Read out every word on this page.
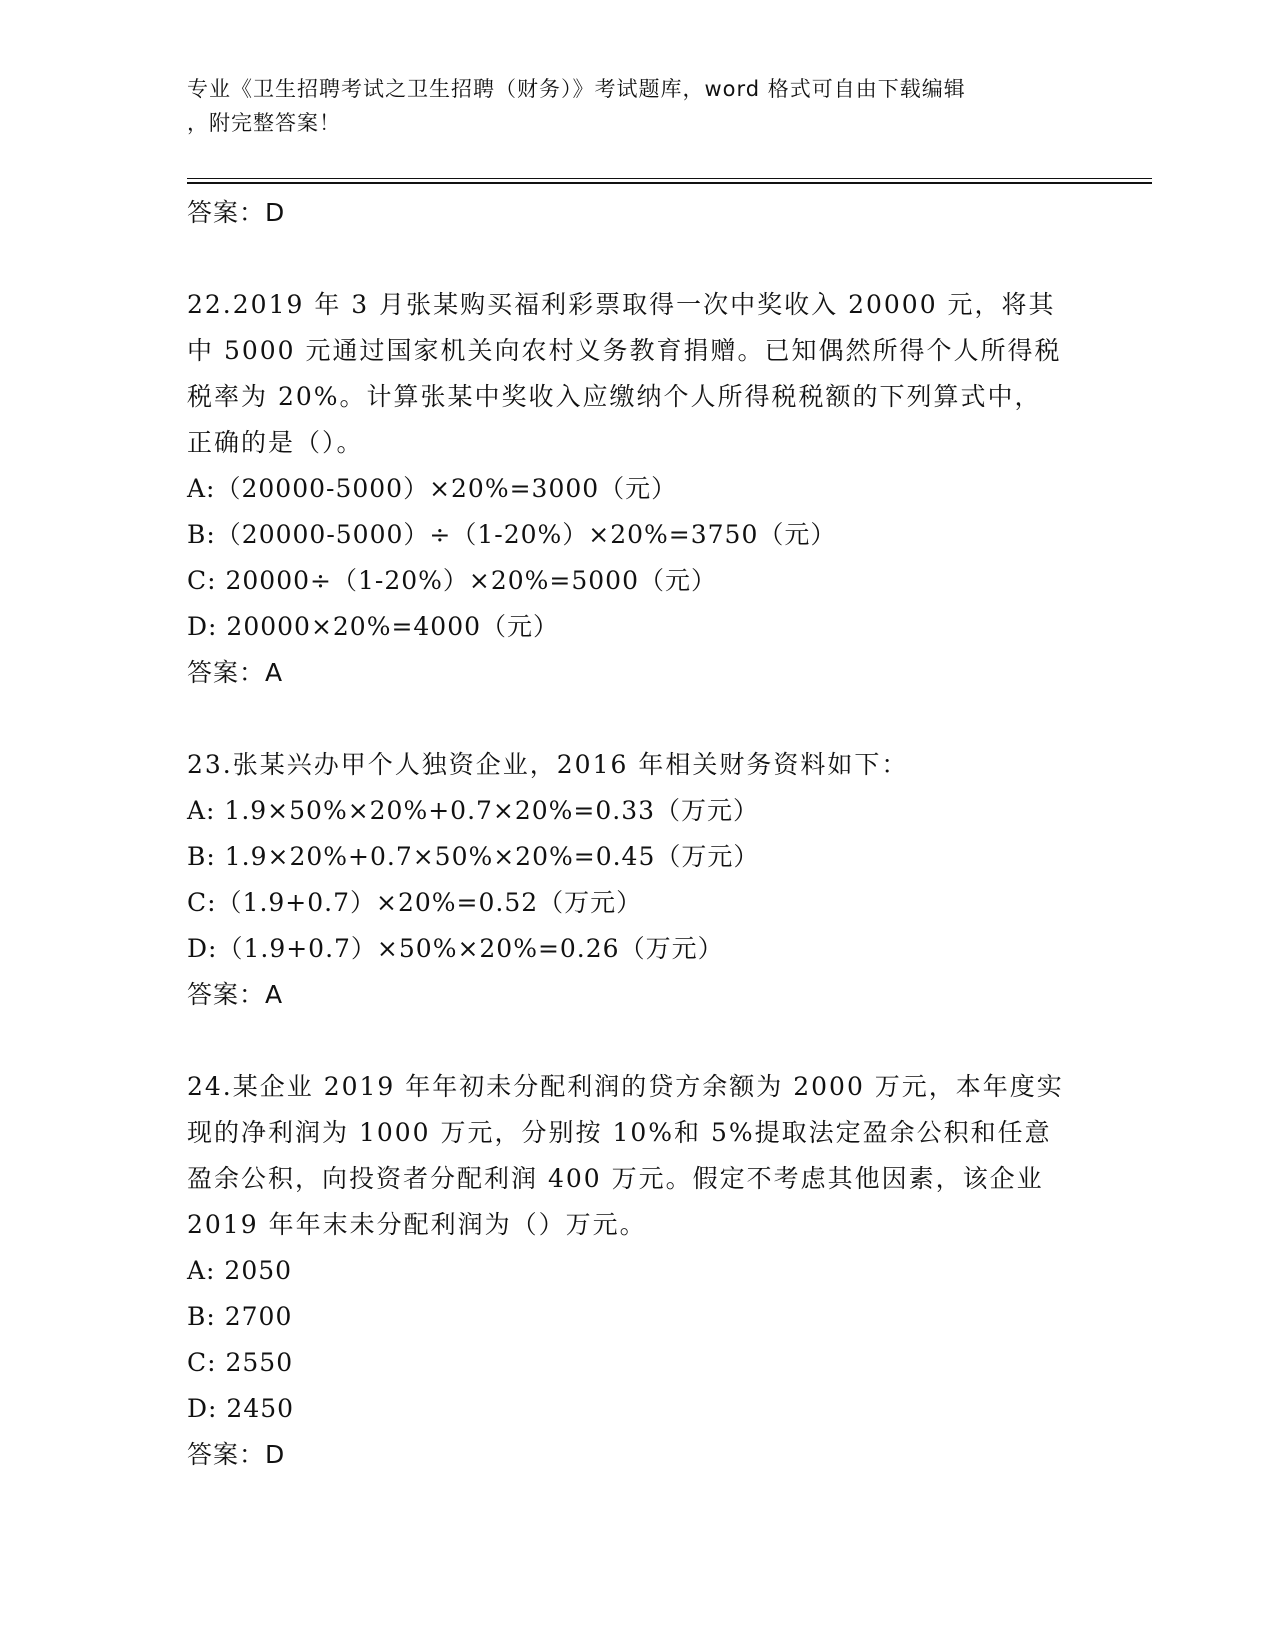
专业《卫生招聘考试之卫生招聘（财务）》考试题库，word 格式可自由下载编辑
，附完整答案！
答案：D
22.2019 年 3 月张某购买福利彩票取得一次中奖收入 20000 元，将其中 5000 元通过国家机关向农村义务教育捐赠。已知偶然所得个人所得税税率为 20%。计算张某中奖收入应缴纳个人所得税税额的下列算式中，正确的是（）。
A:（20000-5000）×20%=3000（元）
B:（20000-5000）÷（1-20%）×20%=3750（元）
C: 20000÷（1-20%）×20%=5000（元）
D: 20000×20%=4000（元）
答案：A
23.张某兴办甲个人独资企业，2016 年相关财务资料如下：
A: 1.9×50%×20%+0.7×20%=0.33（万元）
B: 1.9×20%+0.7×50%×20%=0.45（万元）
C:（1.9+0.7）×20%=0.52（万元）
D:（1.9+0.7）×50%×20%=0.26（万元）
答案：A
24.某企业 2019 年年初未分配利润的贷方余额为 2000 万元，本年度实现的净利润为 1000 万元，分别按 10%和 5%提取法定盈余公积和任意盈余公积，向投资者分配利润 400 万元。假定不考虑其他因素，该企业 2019 年年末未分配利润为（）万元。
A: 2050
B: 2700
C: 2550
D: 2450
答案：D
